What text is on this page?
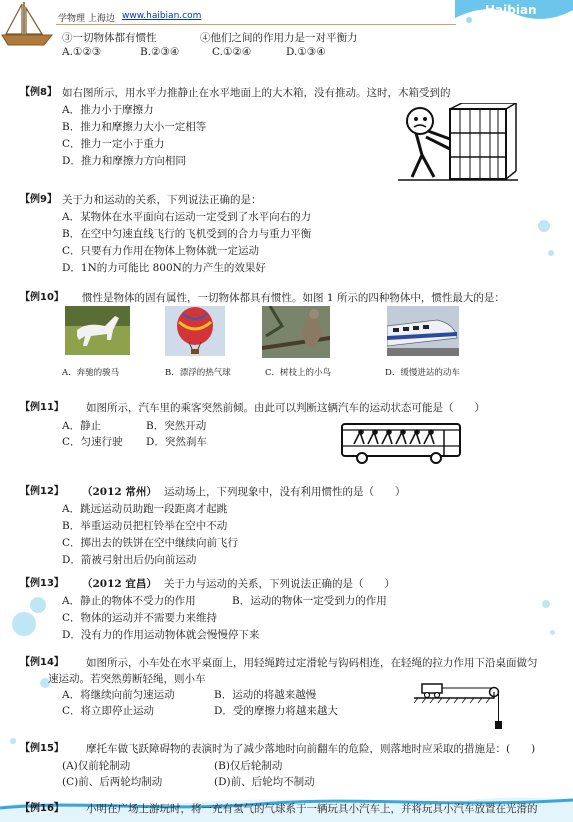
学物理 上海边 www.haibian.com	Haibian
③一切物体都有惯性	④他们之间的作用力是一对平衡力
A.①②③	B.②③④	C.①②④	D.①③④
【例8】 如右图所示，用水平力推静止在水平地面上的大木箱，没有推动。这时，木箱受到的
A．推力小于摩擦力
B．推力和摩擦力大小一定相等
C．推力一定小于重力
D．推力和摩擦力方向相同
【例9】 关于力和运动的关系，下列说法正确的是：
A．某物体在水平面向右运动一定受到了水平向右的力
B．在空中匀速直线飞行的飞机受到的合力与重力平衡
C．只要有力作用在物体上物体就一定运动
D．1N的力可能比 800N的力产生的效果好
【例10】 惯性是物体的固有属性，一切物体都具有惯性。如图 1 所示的四种物体中，惯性最大的是：
A．奔驰的骏马	B．漂浮的热气球	C．树枝上的小鸟	D．缓慢进站的动车
【例11】 如图所示，汽车里的乘客突然前倾。由此可以判断这辆汽车的运动状态可能是（　　）
A．静止	B．突然开动
C．匀速行驶 D．突然刹车
【例12】 （2012 常州） 运动场上，下列现象中，没有利用惯性的是（　　）
A．跳远运动员助跑一段距离才起跳
B．举重运动员把杠铃举在空中不动
C．掷出去的铁饼在空中继续向前飞行
D．箭被弓射出后仍向前运动
【例13】 （2012 宜昌） 关于力与运动的关系，下列说法正确的是（　　）
A．静止的物体不受力的作用	B．运动的物体一定受到力的作用
C．物体的运动并不需要力来维持
D．没有力的作用运动物体就会慢慢停下来
【例14】 如图所示，小车处在水平桌面上，用轻绳跨过定滑轮与钩码相连，在轻绳的拉力作用下沿桌面做匀
速运动。若突然剪断轻绳，则小车
A．将继续向前匀速运动	B．运动的将越来越慢
C．将立即停止运动	D．受的摩擦力将越来越大
【例15】 摩托车做飞跃障碍物的表演时为了减少落地时向前翻车的危险，则落地时应采取的措施是：(　　)
(A)仅前轮制动	(B)仅后轮制动
(C)前、后两轮均制动	(D)前、后轮均不制动
【例16】 小明在广场上游玩时，将一充有氢气的气球系于一辆玩具小汽车上，并将玩具小汽车放置在光滑的
